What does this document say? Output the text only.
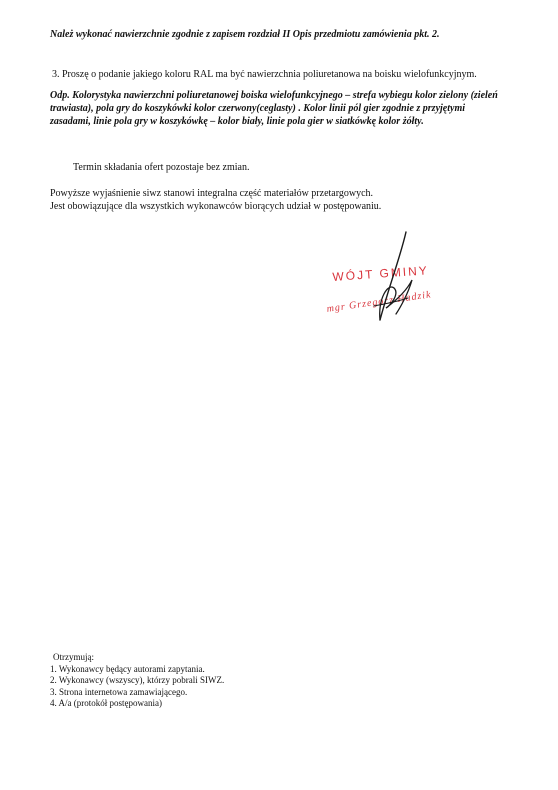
Należ wykonać nawierzchnie zgodnie z zapisem rozdział II Opis przedmiotu zamówienia pkt. 2.

3. Proszę o podanie jakiego koloru RAL ma być nawierzchnia poliuretanowa na boisku wielofunkcyjnym.

Odp. Kolorystyka nawierzchni poliuretanowej boiska wielofunkcyjnego – strefa wybiegu kolor zielony (zieleń
trawiasta), pola gry do koszykówki kolor czerwony(ceglasty) . Kolor linii pól gier zgodnie z przyjętymi
zasadami, linie pola gry w koszykówkę – kolor biały, linie pola gier w siatkówkę kolor żółty.

Termin składania ofert pozostaje bez zmian.

Powyższe wyjaśnienie siwz stanowi integralna część materiałów przetargowych.
Jest obowiązujące dla wszystkich wykonawców biorących udział w postępowaniu.
WÓJT GMINY
mgr Grzegorz Hadzik
Otrzymują:
1. Wykonawcy będący autorami zapytania.
2. Wykonawcy (wszyscy), którzy pobrali SIWZ.
3. Strona internetowa zamawiającego.
4. A/a (protokół postępowania)
